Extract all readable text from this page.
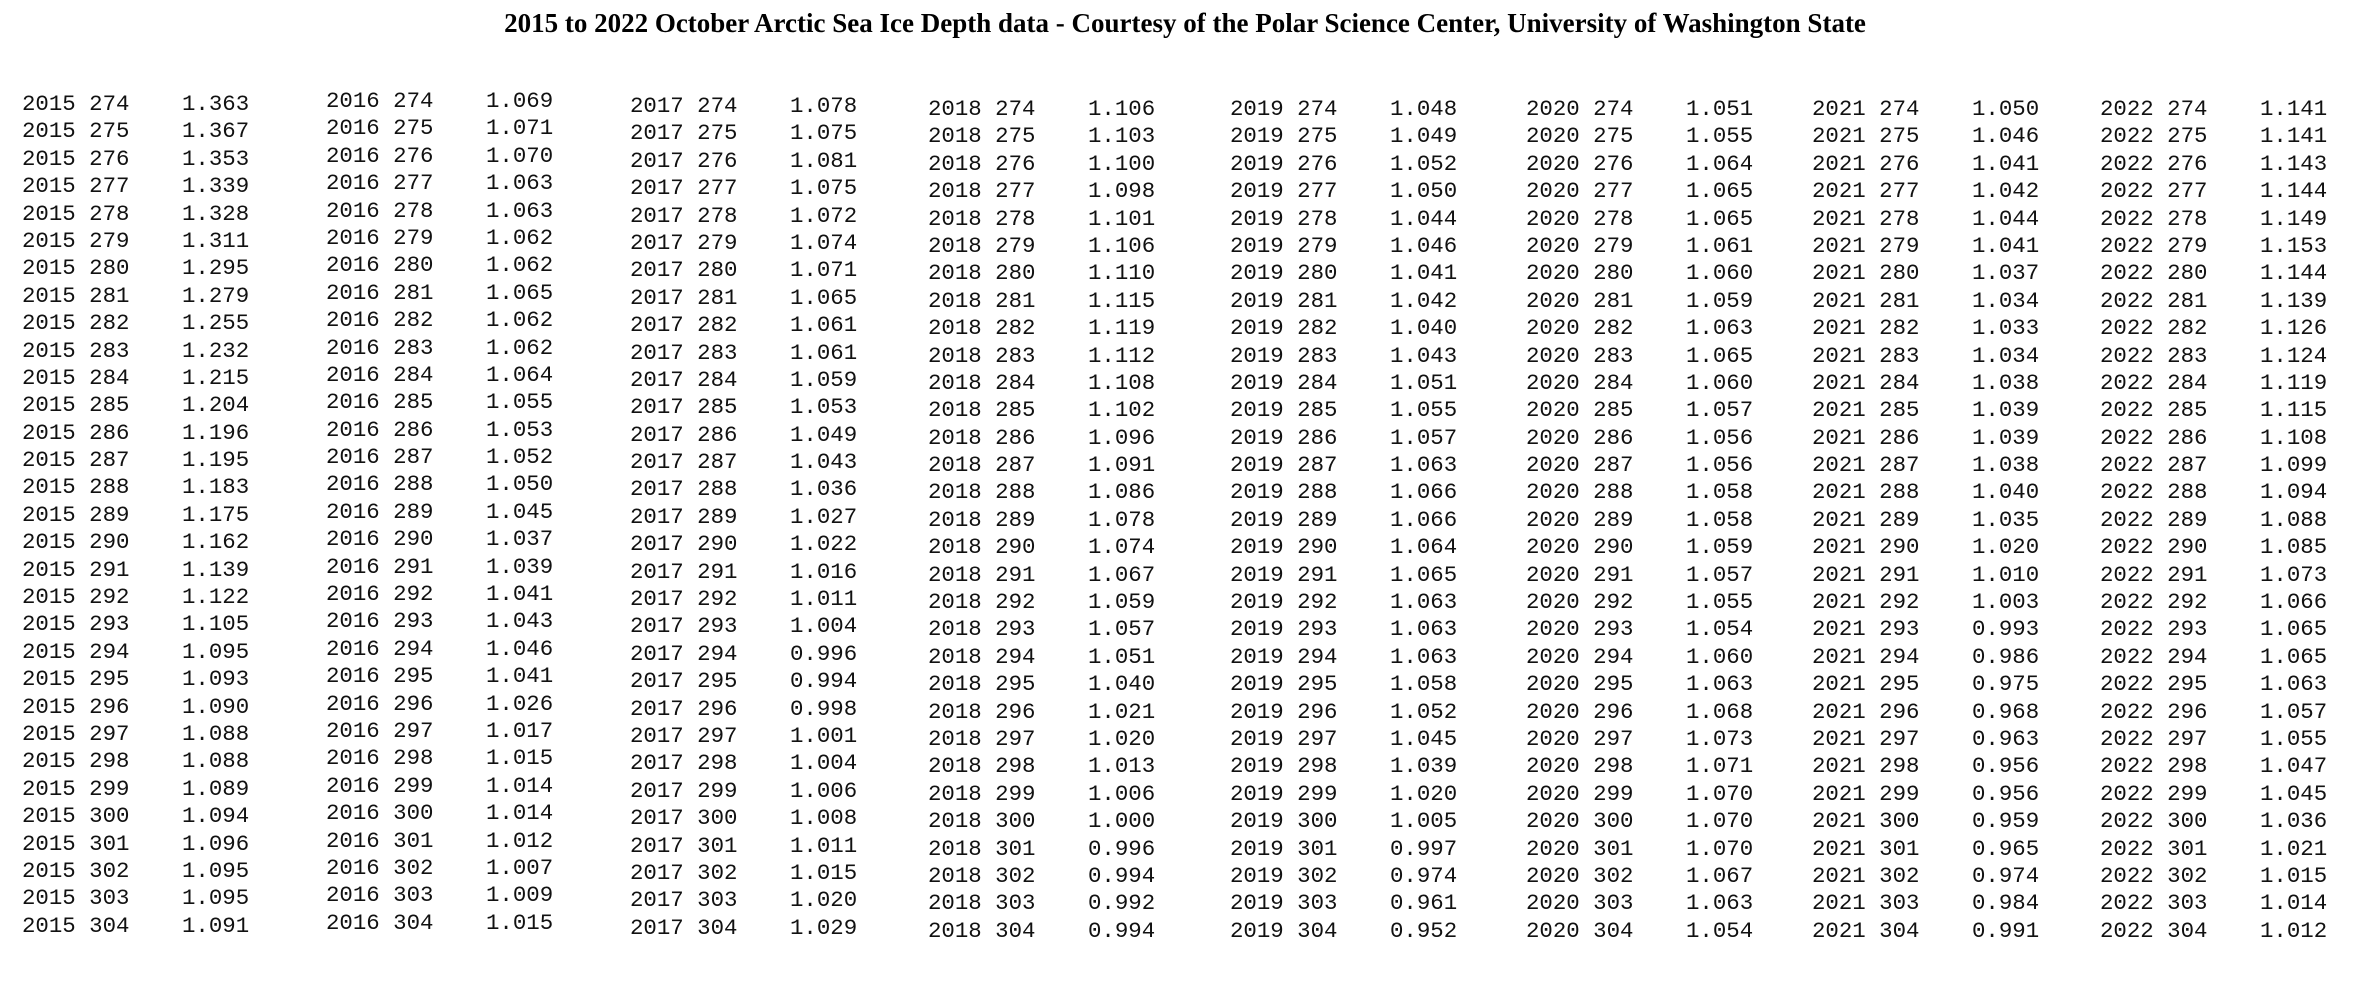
2015 to 2022 October Arctic Sea Ice Depth data - Courtesy of the Polar Science Center, University of Washington State
2015 274 1.363
2015 275 1.367
2015 276 1.353
2015 277 1.339
2015 278 1.328
2015 279 1.311
2015 280 1.295
2015 281 1.279
2015 282 1.255
2015 283 1.232
2015 284 1.215
2015 285 1.204
2015 286 1.196
2015 287 1.195
2015 288 1.183
2015 289 1.175
2015 290 1.162
2015 291 1.139
2015 292 1.122
2015 293 1.105
2015 294 1.095
2015 295 1.093
2015 296 1.090
2015 297 1.088
2015 298 1.088
2015 299 1.089
2015 300 1.094
2015 301 1.096
2015 302 1.095
2015 303 1.095
2015 304 1.091
2016 274 1.069
2016 275 1.071
2016 276 1.070
2016 277 1.063
2016 278 1.063
2016 279 1.062
2016 280 1.062
2016 281 1.065
2016 282 1.062
2016 283 1.062
2016 284 1.064
2016 285 1.055
2016 286 1.053
2016 287 1.052
2016 288 1.050
2016 289 1.045
2016 290 1.037
2016 291 1.039
2016 292 1.041
2016 293 1.043
2016 294 1.046
2016 295 1.041
2016 296 1.026
2016 297 1.017
2016 298 1.015
2016 299 1.014
2016 300 1.014
2016 301 1.012
2016 302 1.007
2016 303 1.009
2016 304 1.015
2017 274 1.078
2017 275 1.075
2017 276 1.081
2017 277 1.075
2017 278 1.072
2017 279 1.074
2017 280 1.071
2017 281 1.065
2017 282 1.061
2017 283 1.061
2017 284 1.059
2017 285 1.053
2017 286 1.049
2017 287 1.043
2017 288 1.036
2017 289 1.027
2017 290 1.022
2017 291 1.016
2017 292 1.011
2017 293 1.004
2017 294 0.996
2017 295 0.994
2017 296 0.998
2017 297 1.001
2017 298 1.004
2017 299 1.006
2017 300 1.008
2017 301 1.011
2017 302 1.015
2017 303 1.020
2017 304 1.029
2018 274 1.106
2018 275 1.103
2018 276 1.100
2018 277 1.098
2018 278 1.101
2018 279 1.106
2018 280 1.110
2018 281 1.115
2018 282 1.119
2018 283 1.112
2018 284 1.108
2018 285 1.102
2018 286 1.096
2018 287 1.091
2018 288 1.086
2018 289 1.078
2018 290 1.074
2018 291 1.067
2018 292 1.059
2018 293 1.057
2018 294 1.051
2018 295 1.040
2018 296 1.021
2018 297 1.020
2018 298 1.013
2018 299 1.006
2018 300 1.000
2018 301 0.996
2018 302 0.994
2018 303 0.992
2018 304 0.994
2019 274 1.048
2019 275 1.049
2019 276 1.052
2019 277 1.050
2019 278 1.044
2019 279 1.046
2019 280 1.041
2019 281 1.042
2019 282 1.040
2019 283 1.043
2019 284 1.051
2019 285 1.055
2019 286 1.057
2019 287 1.063
2019 288 1.066
2019 289 1.066
2019 290 1.064
2019 291 1.065
2019 292 1.063
2019 293 1.063
2019 294 1.063
2019 295 1.058
2019 296 1.052
2019 297 1.045
2019 298 1.039
2019 299 1.020
2019 300 1.005
2019 301 0.997
2019 302 0.974
2019 303 0.961
2019 304 0.952
2020 274 1.051
2020 275 1.055
2020 276 1.064
2020 277 1.065
2020 278 1.065
2020 279 1.061
2020 280 1.060
2020 281 1.059
2020 282 1.063
2020 283 1.065
2020 284 1.060
2020 285 1.057
2020 286 1.056
2020 287 1.056
2020 288 1.058
2020 289 1.058
2020 290 1.059
2020 291 1.057
2020 292 1.055
2020 293 1.054
2020 294 1.060
2020 295 1.063
2020 296 1.068
2020 297 1.073
2020 298 1.071
2020 299 1.070
2020 300 1.070
2020 301 1.070
2020 302 1.067
2020 303 1.063
2020 304 1.054
2021 274 1.050
2021 275 1.046
2021 276 1.041
2021 277 1.042
2021 278 1.044
2021 279 1.041
2021 280 1.037
2021 281 1.034
2021 282 1.033
2021 283 1.034
2021 284 1.038
2021 285 1.039
2021 286 1.039
2021 287 1.038
2021 288 1.040
2021 289 1.035
2021 290 1.020
2021 291 1.010
2021 292 1.003
2021 293 0.993
2021 294 0.986
2021 295 0.975
2021 296 0.968
2021 297 0.963
2021 298 0.956
2021 299 0.956
2021 300 0.959
2021 301 0.965
2021 302 0.974
2021 303 0.984
2021 304 0.991
2022 274 1.141
2022 275 1.141
2022 276 1.143
2022 277 1.144
2022 278 1.149
2022 279 1.153
2022 280 1.144
2022 281 1.139
2022 282 1.126
2022 283 1.124
2022 284 1.119
2022 285 1.115
2022 286 1.108
2022 287 1.099
2022 288 1.094
2022 289 1.088
2022 290 1.085
2022 291 1.073
2022 292 1.066
2022 293 1.065
2022 294 1.065
2022 295 1.063
2022 296 1.057
2022 297 1.055
2022 298 1.047
2022 299 1.045
2022 300 1.036
2022 301 1.021
2022 302 1.015
2022 303 1.014
2022 304 1.012
